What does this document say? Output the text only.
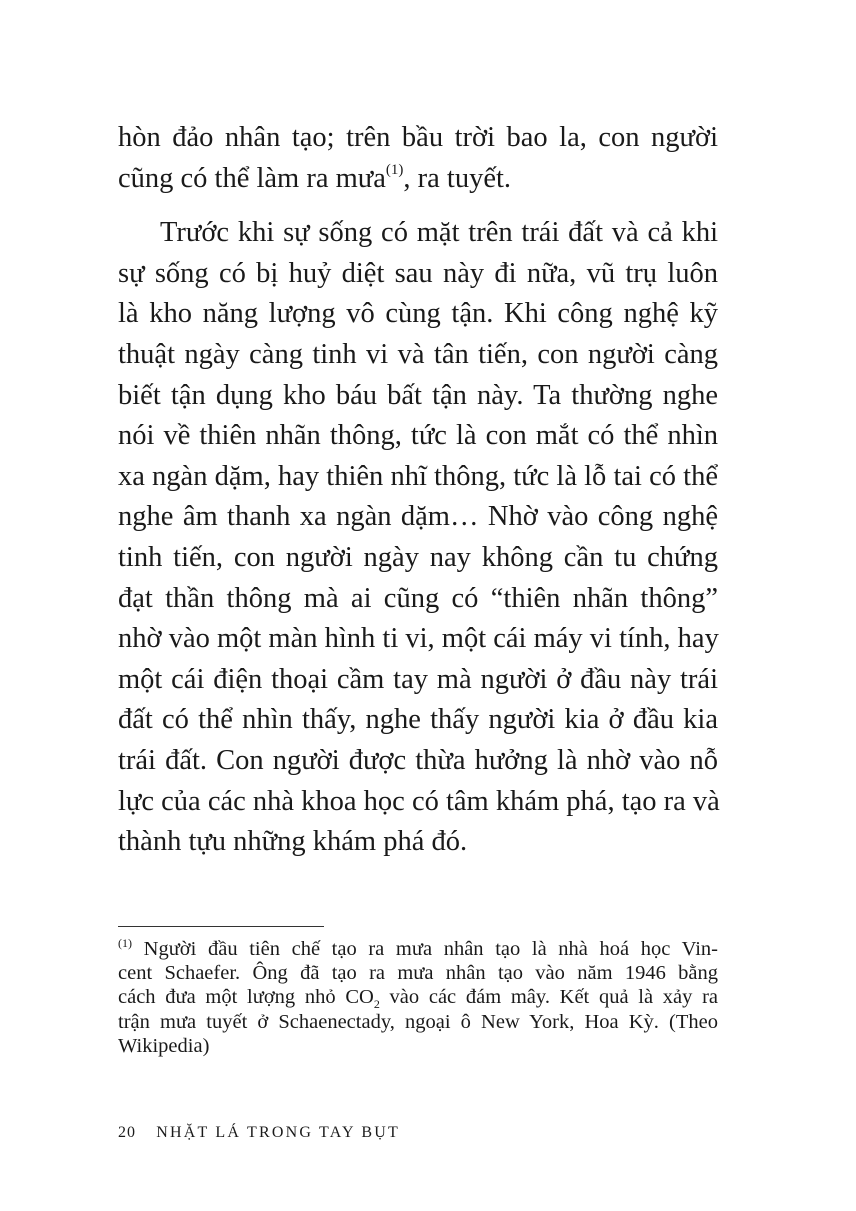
hòn đảo nhân tạo; trên bầu trời bao la, con người
cũng có thể làm ra mưa$^{(1)}$, ra tuyết.
Trước khi sự sống có mặt trên trái đất và cả khi
sự sống có bị huỷ diệt sau này đi nữa, vũ trụ luôn
là kho năng lượng vô cùng tận. Khi công nghệ kỹ
thuật ngày càng tinh vi và tân tiến, con người càng
biết tận dụng kho báu bất tận này. Ta thường nghe
nói về thiên nhãn thông, tức là con mắt có thể nhìn
xa ngàn dặm, hay thiên nhĩ thông, tức là lỗ tai có thể
nghe âm thanh xa ngàn dặm… Nhờ vào công nghệ
tinh tiến, con người ngày nay không cần tu chứng
đạt thần thông mà ai cũng có “thiên nhãn thông”
nhờ vào một màn hình ti vi, một cái máy vi tính, hay
một cái điện thoại cầm tay mà người ở đầu này trái
đất có thể nhìn thấy, nghe thấy người kia ở đầu kia
trái đất. Con người được thừa hưởng là nhờ vào nỗ
lực của các nhà khoa học có tâm khám phá, tạo ra và
thành tựu những khám phá đó.
$^{(1)}$ Người đầu tiên chế tạo ra mưa nhân tạo là nhà hoá học Vin-
cent Schaefer. Ông đã tạo ra mưa nhân tạo vào năm 1946 bằng
cách đưa một lượng nhỏ $CO_2$ vào các đám mây. Kết quả là xảy ra
trận mưa tuyết ở Schaenectady, ngoại ô New York, Hoa Kỳ. (Theo
Wikipedia)
20 NHẶT LÁ TRONG TAY BỤT
